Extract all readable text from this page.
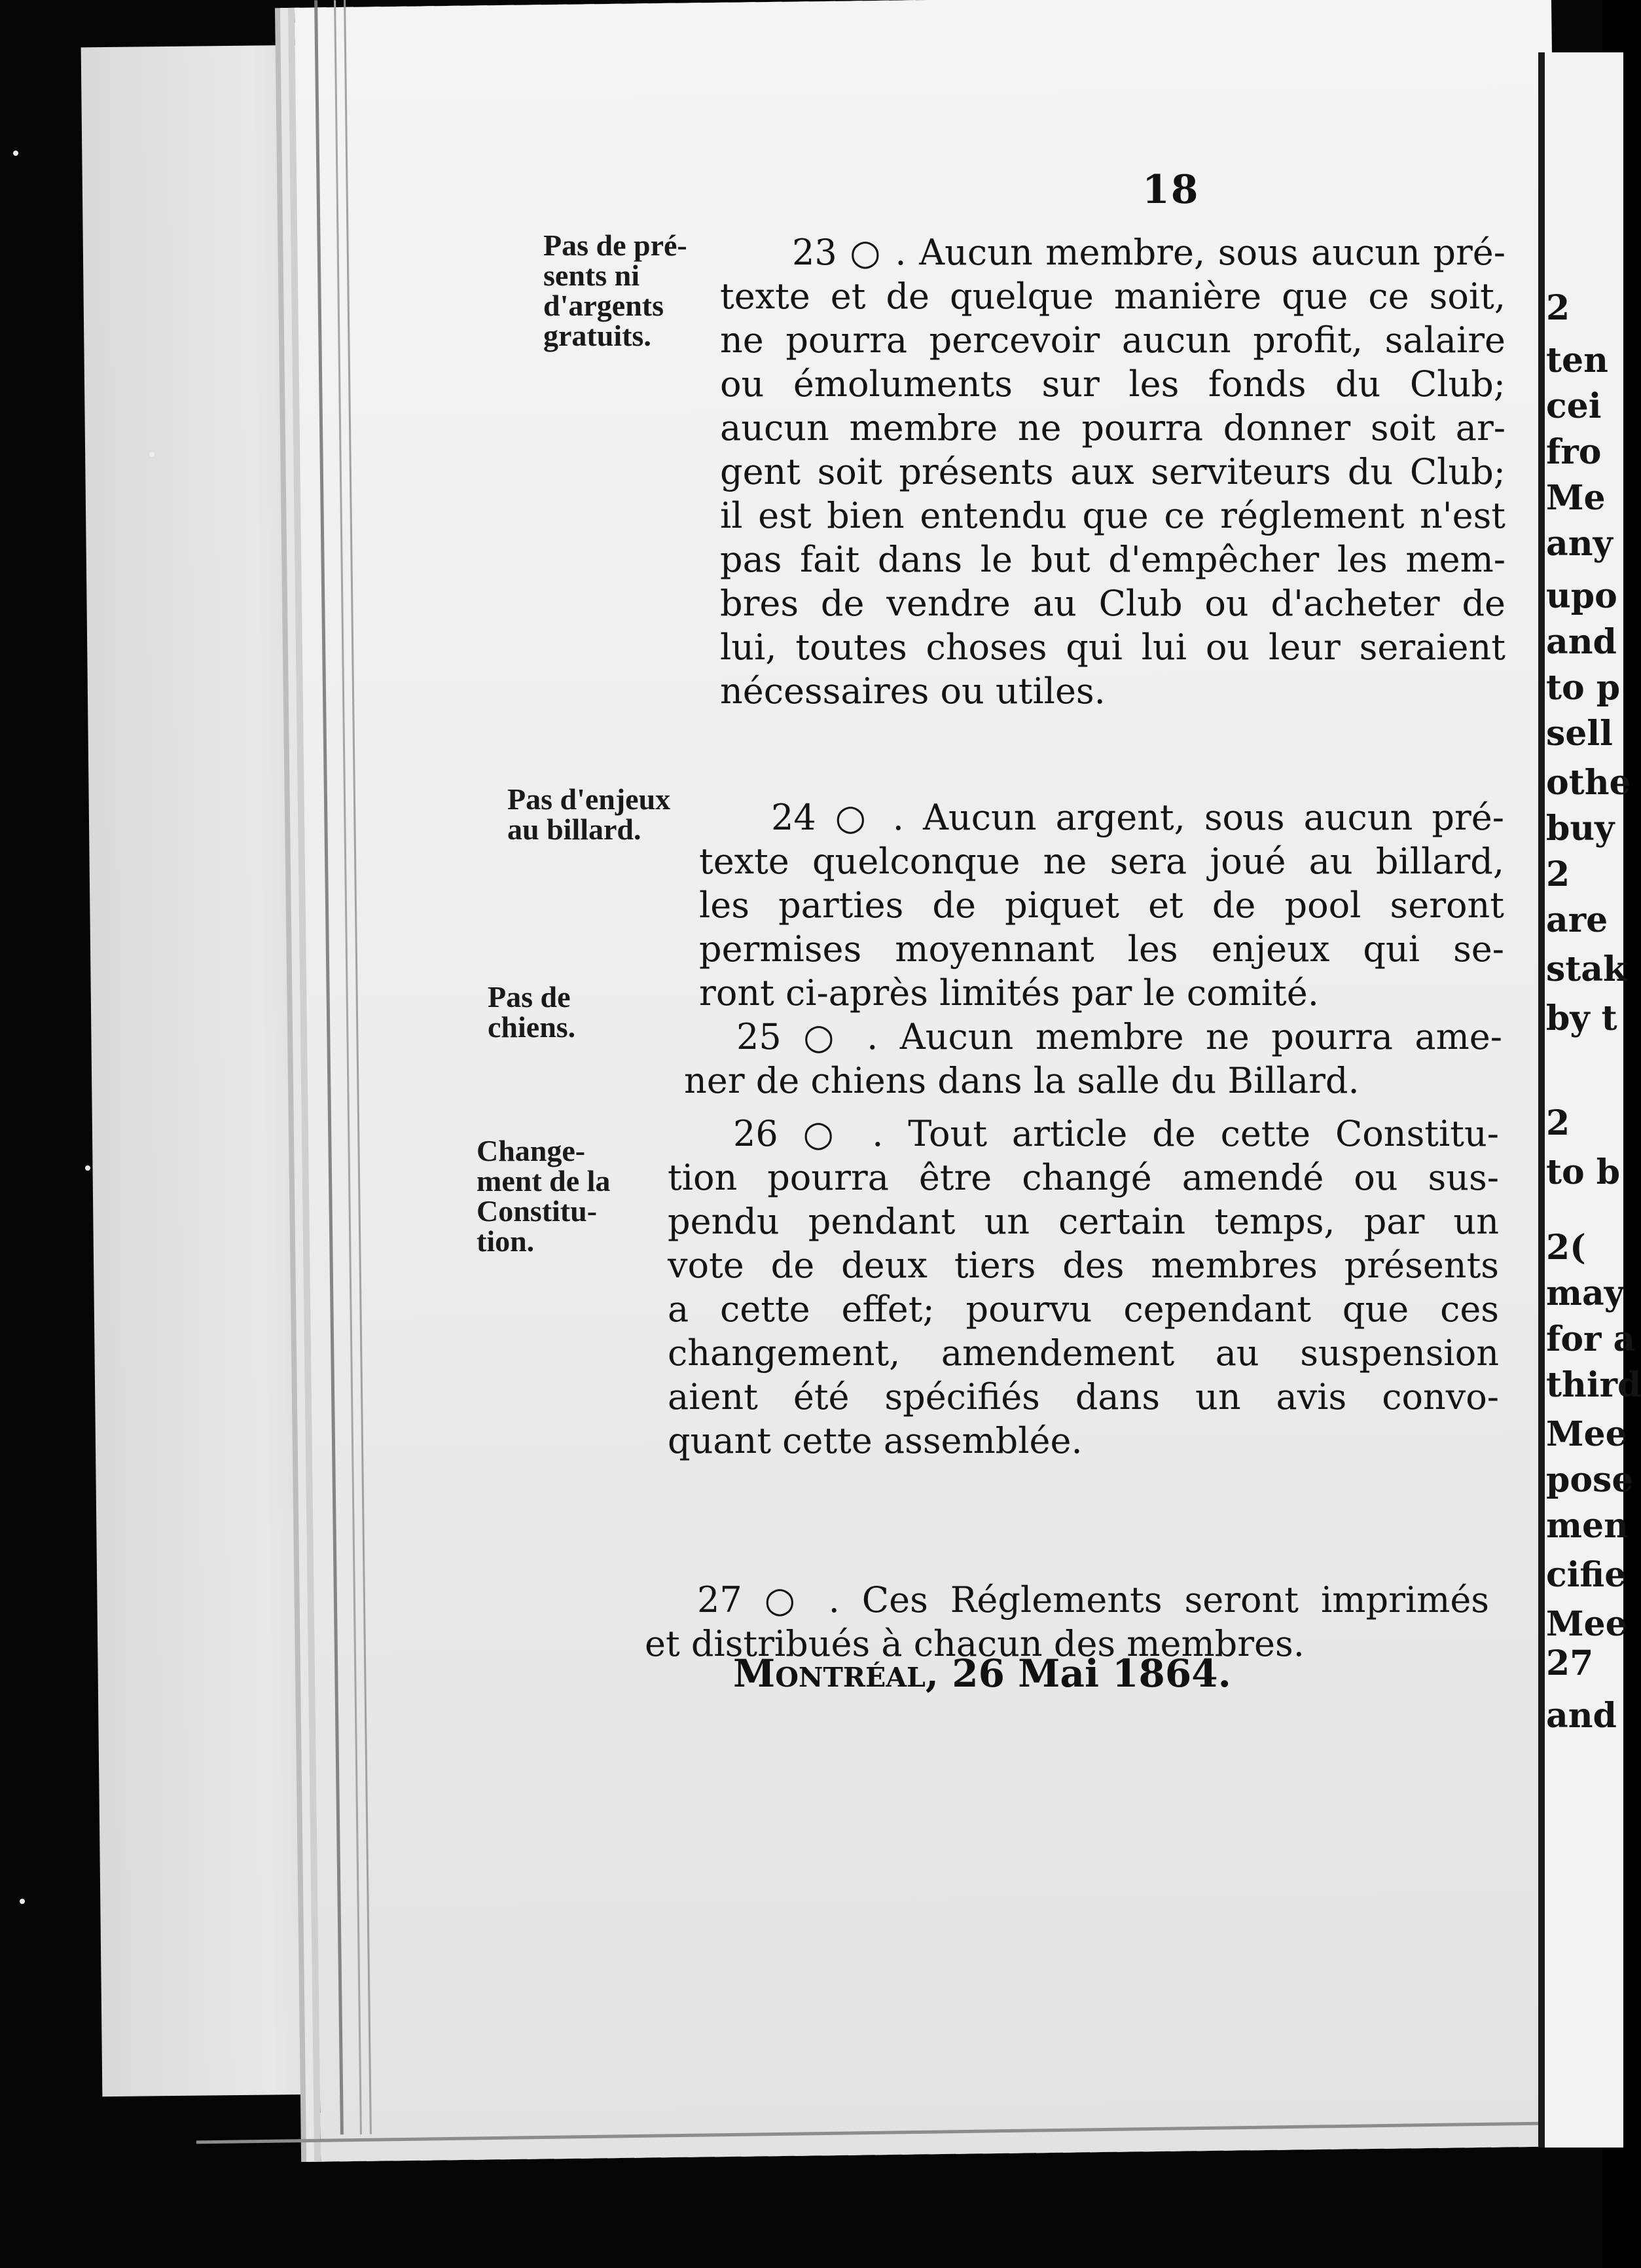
18
Pas de pré-
sents ni
d'argents
gratuits.
Pas d'enjeux
au billard.
Pas de
chiens.
Change-
ment de la
Constitu-
tion.
23 ○ . Aucun membre, sous aucun pré-
texte et de quelque manière que ce soit,
ne pourra percevoir aucun profit, salaire
ou émoluments sur les fonds du Club;
aucun membre ne pourra donner soit ar-
gent soit présents aux serviteurs du Club;
il est bien entendu que ce réglement n'est
pas fait dans le but d'empêcher les mem-
bres de vendre au Club ou d'acheter de
lui, toutes choses qui lui ou leur seraient
nécessaires ou utiles.
24 ○ . Aucun argent, sous aucun pré-
texte quelconque ne sera joué au billard,
les parties de piquet et de pool seront
permises moyennant les enjeux qui se-
ront ci-après limités par le comité.
25 ○ . Aucun membre ne pourra ame-
ner de chiens dans la salle du Billard.
26 ○ . Tout article de cette Constitu-
tion pourra être changé amendé ou sus-
pendu pendant un certain temps, par un
vote de deux tiers des membres présents
a cette effet; pourvu cependant que ces
changement, amendement au suspension
aient été spécifiés dans un avis convo-
quant cette assemblée.
27 ○ . Ces Réglements seront imprimés
et distribués à chacun des membres.
Montréal, 26 Mai 1864.
2
ten
cei
fro
Me
any
upo
and
to p
sell
othe
buy
2
are
stak
by t
2
to b
2(
may
for a
third
Mee
pose
men
cifie
Mee
27
and
